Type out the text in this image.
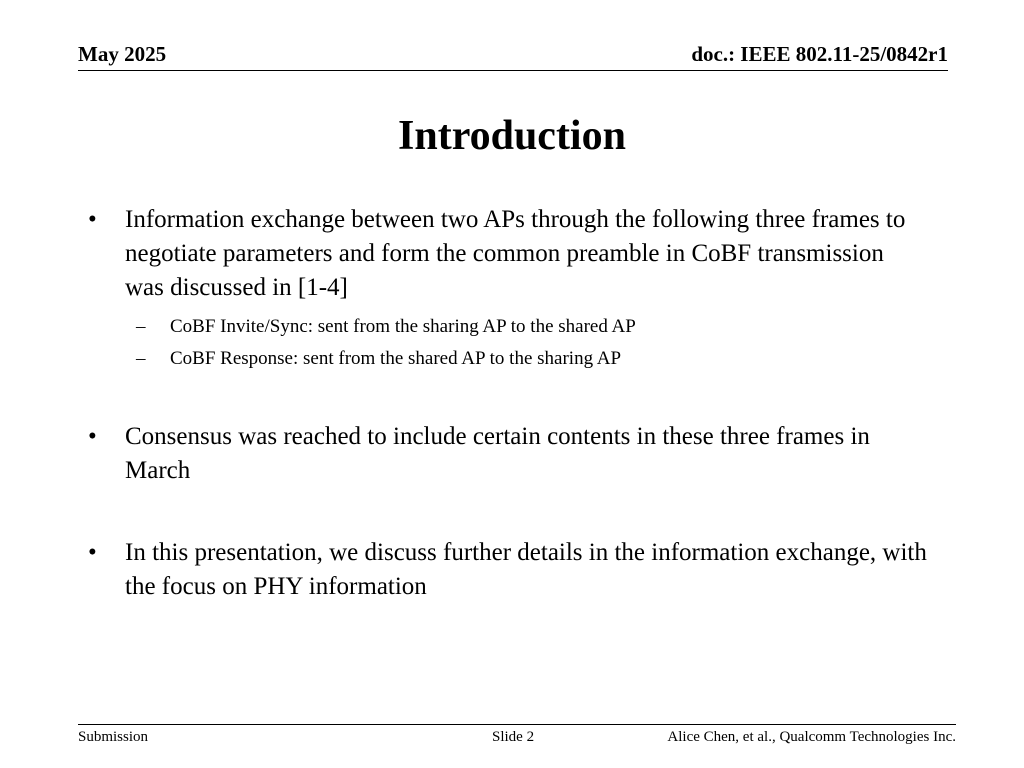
May 2025	doc.: IEEE 802.11-25/0842r1
Introduction
• Information exchange between two APs through the following three frames to negotiate parameters and form the common preamble in CoBF transmission was discussed in [1-4]
– CoBF Invite/Sync: sent from the sharing AP to the shared AP
– CoBF Response: sent from the shared AP to the sharing AP
• Consensus was reached to include certain contents in these three frames in March
• In this presentation, we discuss further details in the information exchange, with the focus on PHY information
Submission	Slide 2	Alice Chen, et al., Qualcomm Technologies Inc.
